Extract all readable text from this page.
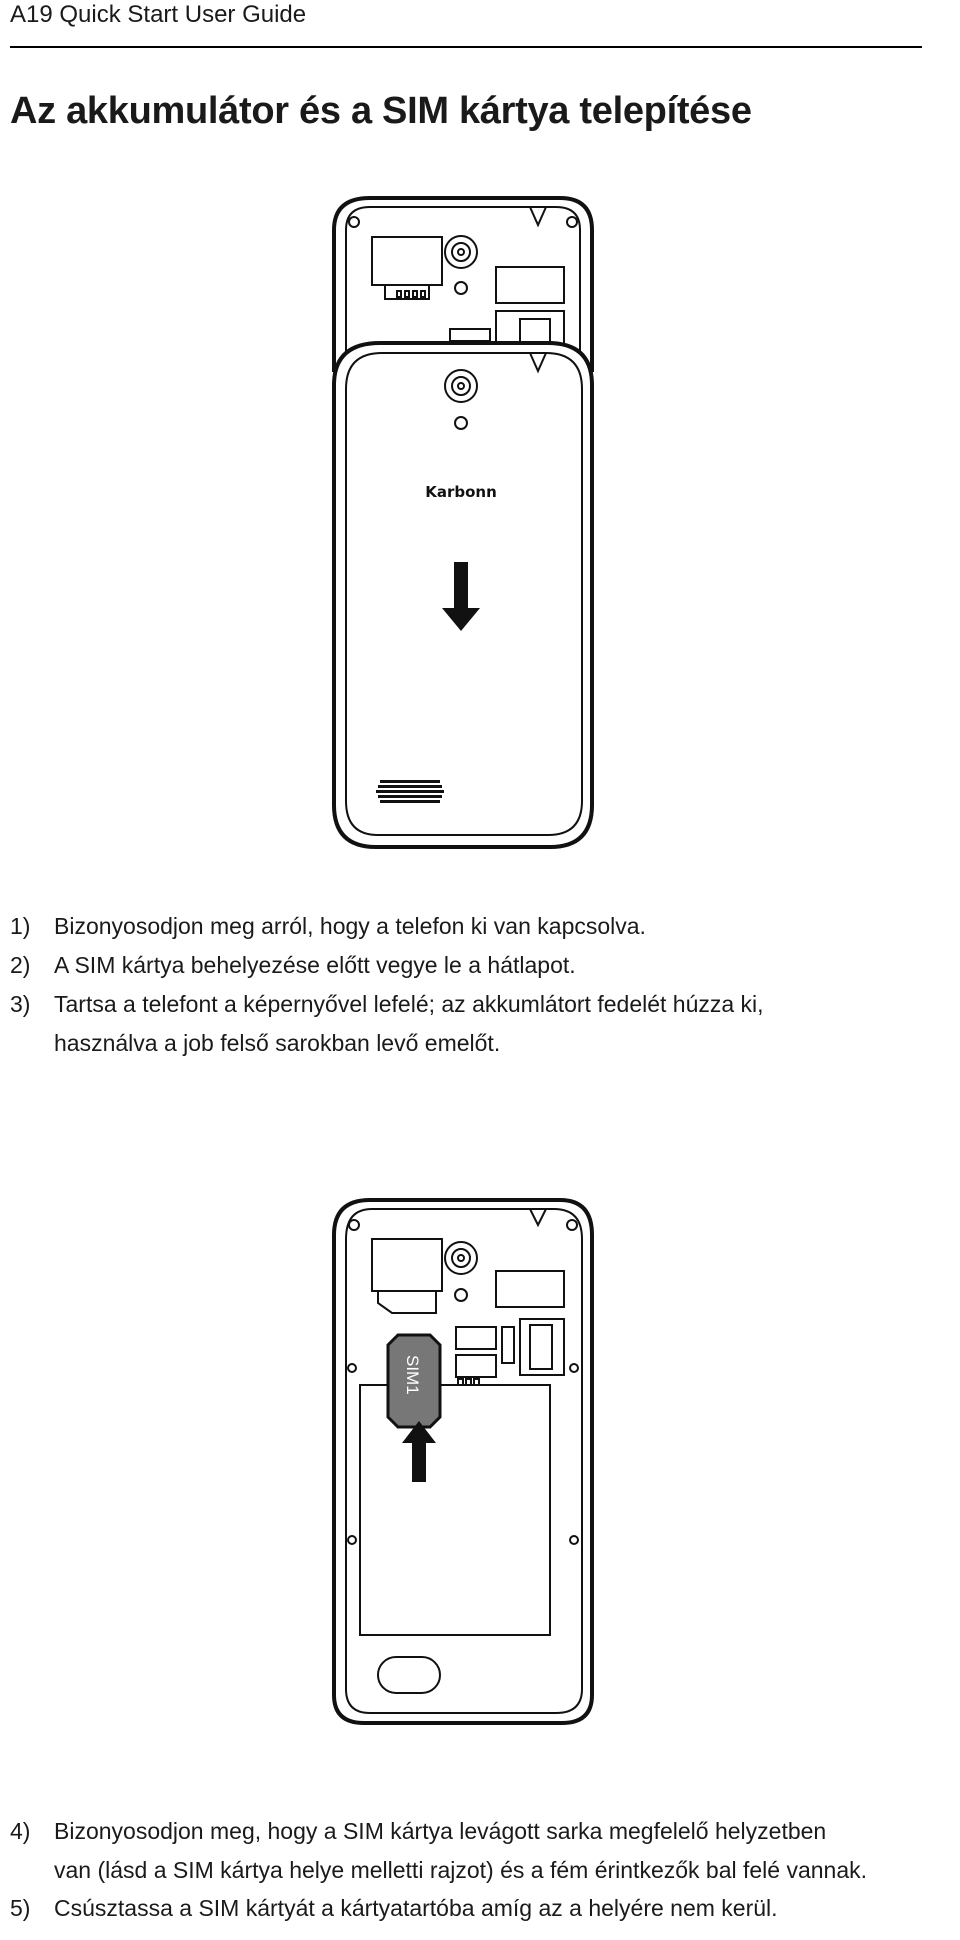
A19 Quick Start User Guide
Az akkumulátor és a SIM kártya telepítése
Karbonn
1)	Bizonyosodjon meg arról, hogy a telefon ki van kapcsolva.
2)	A SIM kártya behelyezése előtt vegye le a hátlapot.
3)	Tartsa a telefont a képernyővel lefelé; az akkumlátort fedelét húzza ki,
használva a job felső sarokban levő emelőt.
SIM1
4)	Bizonyosodjon meg, hogy a SIM kártya levágott sarka megfelelő helyzetben
van (lásd a SIM kártya helye melletti rajzot) és a fém érintkezők bal felé vannak.
5)	Csúsztassa a SIM kártyát a kártyatartóba amíg az a helyére nem kerül.
